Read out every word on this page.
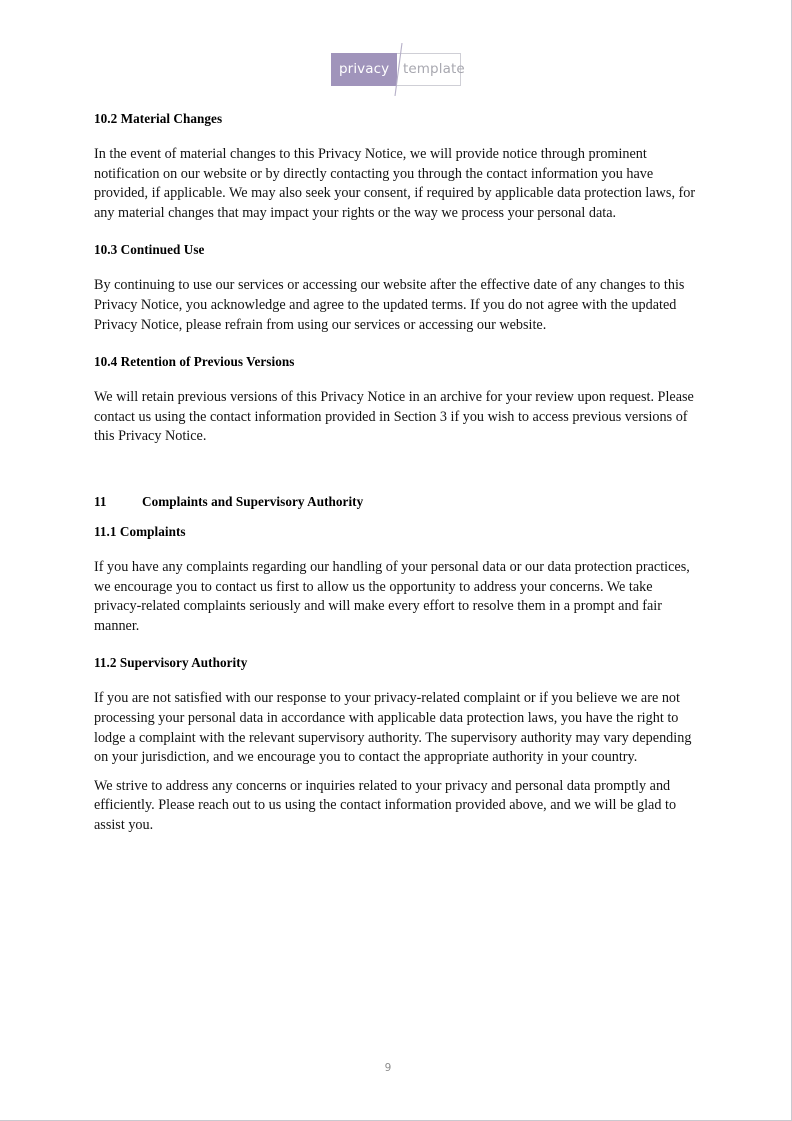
privacy template
10.2 Material Changes

In the event of material changes to this Privacy Notice, we will provide notice through prominent notification on our website or by directly contacting you through the contact information you have provided, if applicable. We may also seek your consent, if required by applicable data protection laws, for any material changes that may impact your rights or the way we process your personal data.

10.3 Continued Use

By continuing to use our services or accessing our website after the effective date of any changes to this Privacy Notice, you acknowledge and agree to the updated terms. If you do not agree with the updated Privacy Notice, please refrain from using our services or accessing our website.

10.4 Retention of Previous Versions

We will retain previous versions of this Privacy Notice in an archive for your review upon request. Please contact us using the contact information provided in Section 3 if you wish to access previous versions of this Privacy Notice.

11	Complaints and Supervisory Authority
11.1 Complaints

If you have any complaints regarding our handling of your personal data or our data protection practices, we encourage you to contact us first to allow us the opportunity to address your concerns. We take privacy-related complaints seriously and will make every effort to resolve them in a prompt and fair manner.

11.2 Supervisory Authority

If you are not satisfied with our response to your privacy-related complaint or if you believe we are not processing your personal data in accordance with applicable data protection laws, you have the right to lodge a complaint with the relevant supervisory authority. The supervisory authority may vary depending on your jurisdiction, and we encourage you to contact the appropriate authority in your country.

We strive to address any concerns or inquiries related to your privacy and personal data promptly and efficiently. Please reach out to us using the contact information provided above, and we will be glad to assist you.

9
